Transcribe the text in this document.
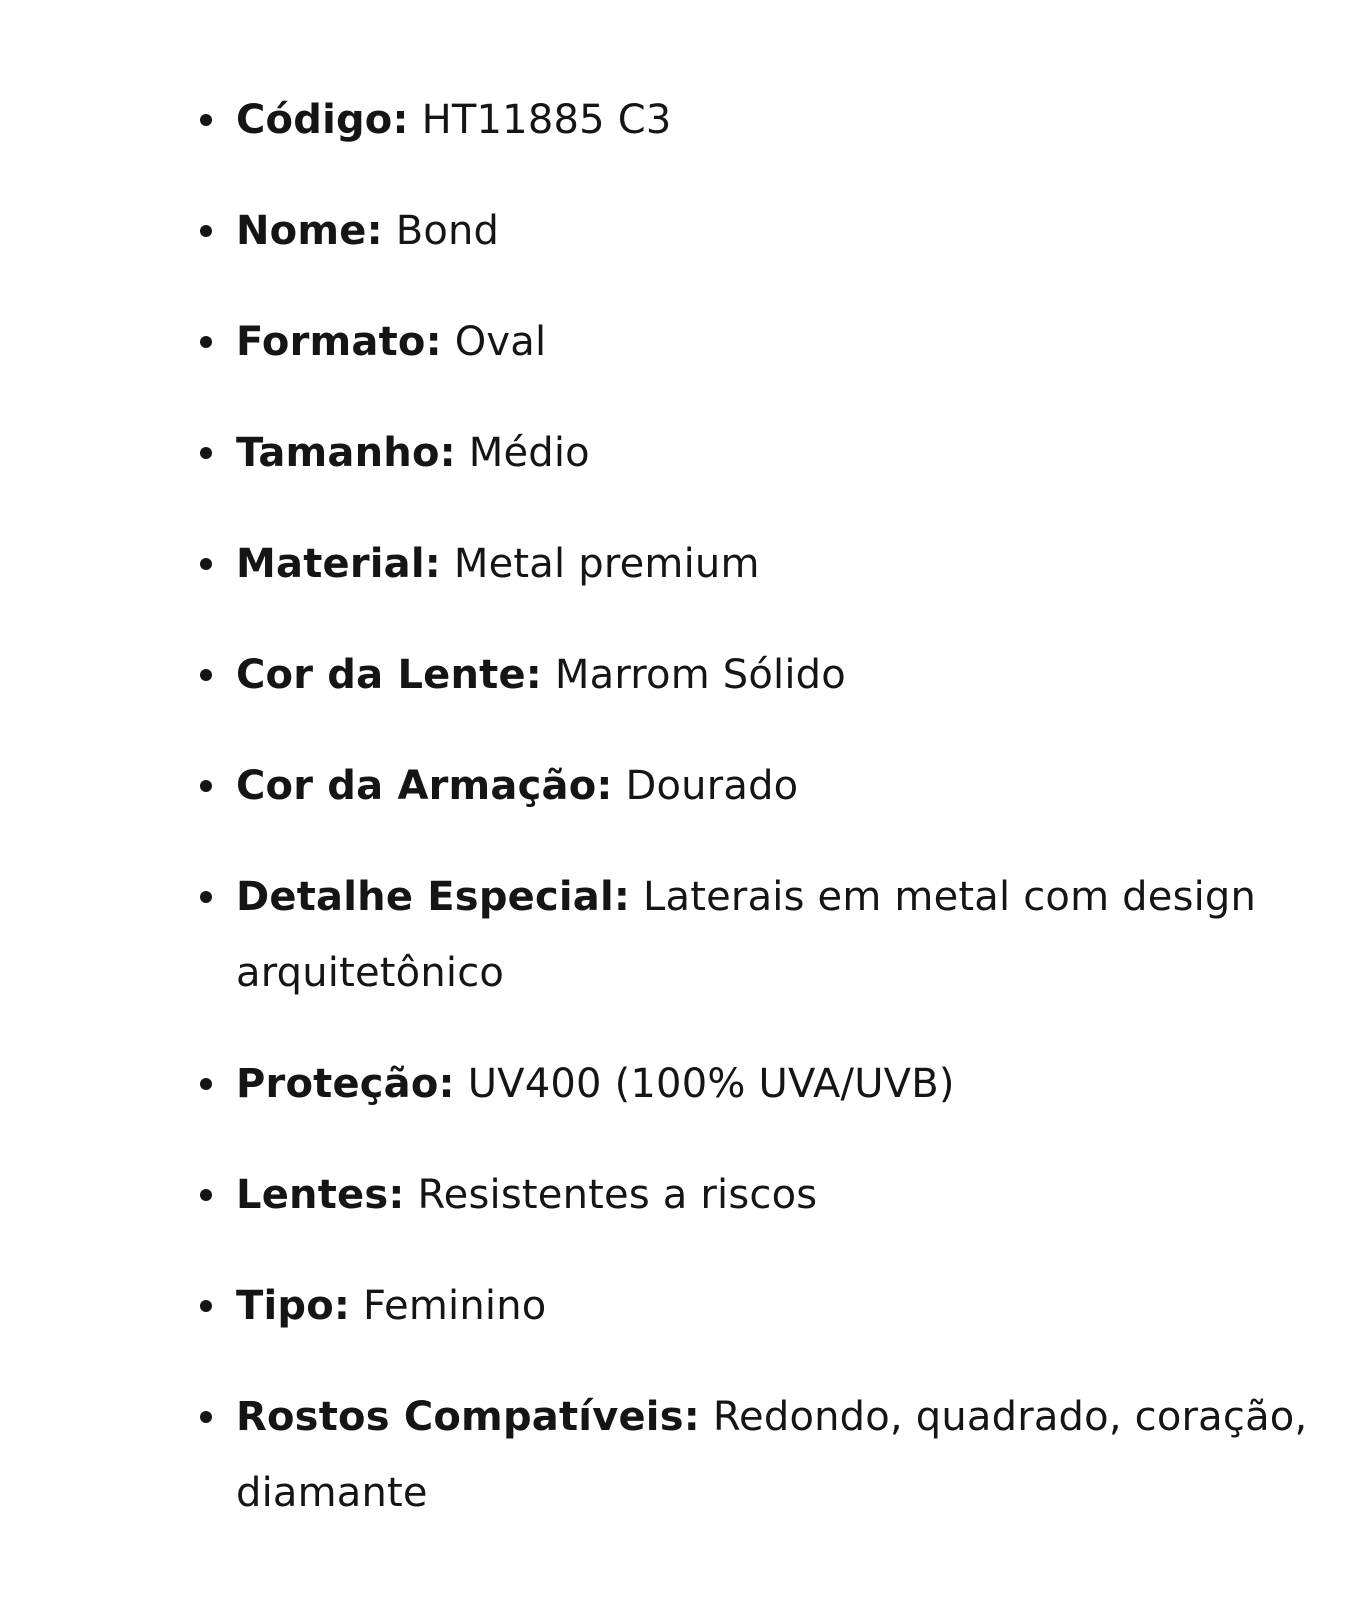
Código: HT11885 C3
Nome: Bond
Formato: Oval
Tamanho: Médio
Material: Metal premium
Cor da Lente: Marrom Sólido
Cor da Armação: Dourado
Detalhe Especial: Laterais em metal com design arquitetônico
Proteção: UV400 (100% UVA/UVB)
Lentes: Resistentes a riscos
Tipo: Feminino
Rostos Compatíveis: Redondo, quadrado, coração, diamante
